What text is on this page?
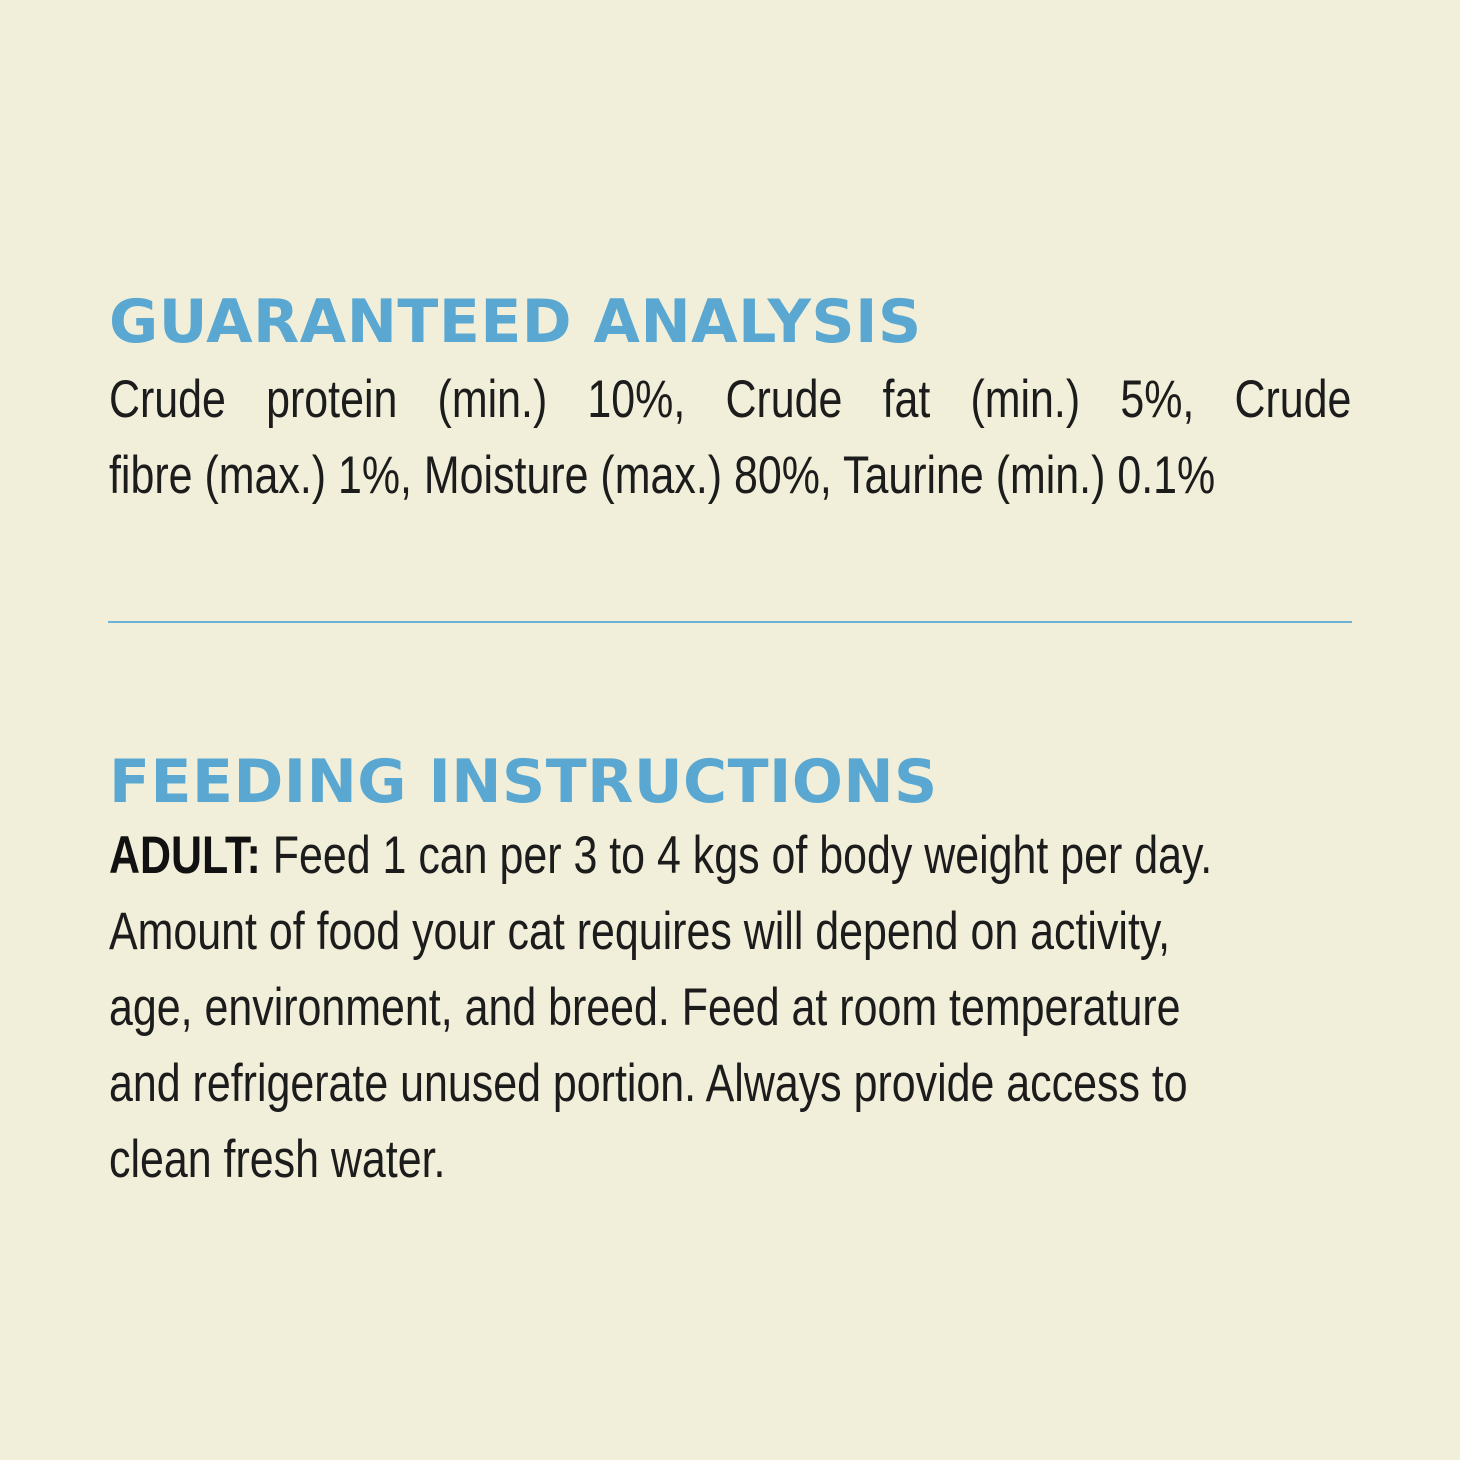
GUARANTEED ANALYSIS
Crude protein (min.) 10%, Crude fat (min.) 5%, Crude
fibre (max.) 1%, Moisture (max.) 80%, Taurine (min.) 0.1%
FEEDING INSTRUCTIONS
ADULT: Feed 1 can per 3 to 4 kgs of body weight per day.
Amount of food your cat requires will depend on activity,
age, environment, and breed. Feed at room temperature
and refrigerate unused portion. Always provide access to
clean fresh water.
